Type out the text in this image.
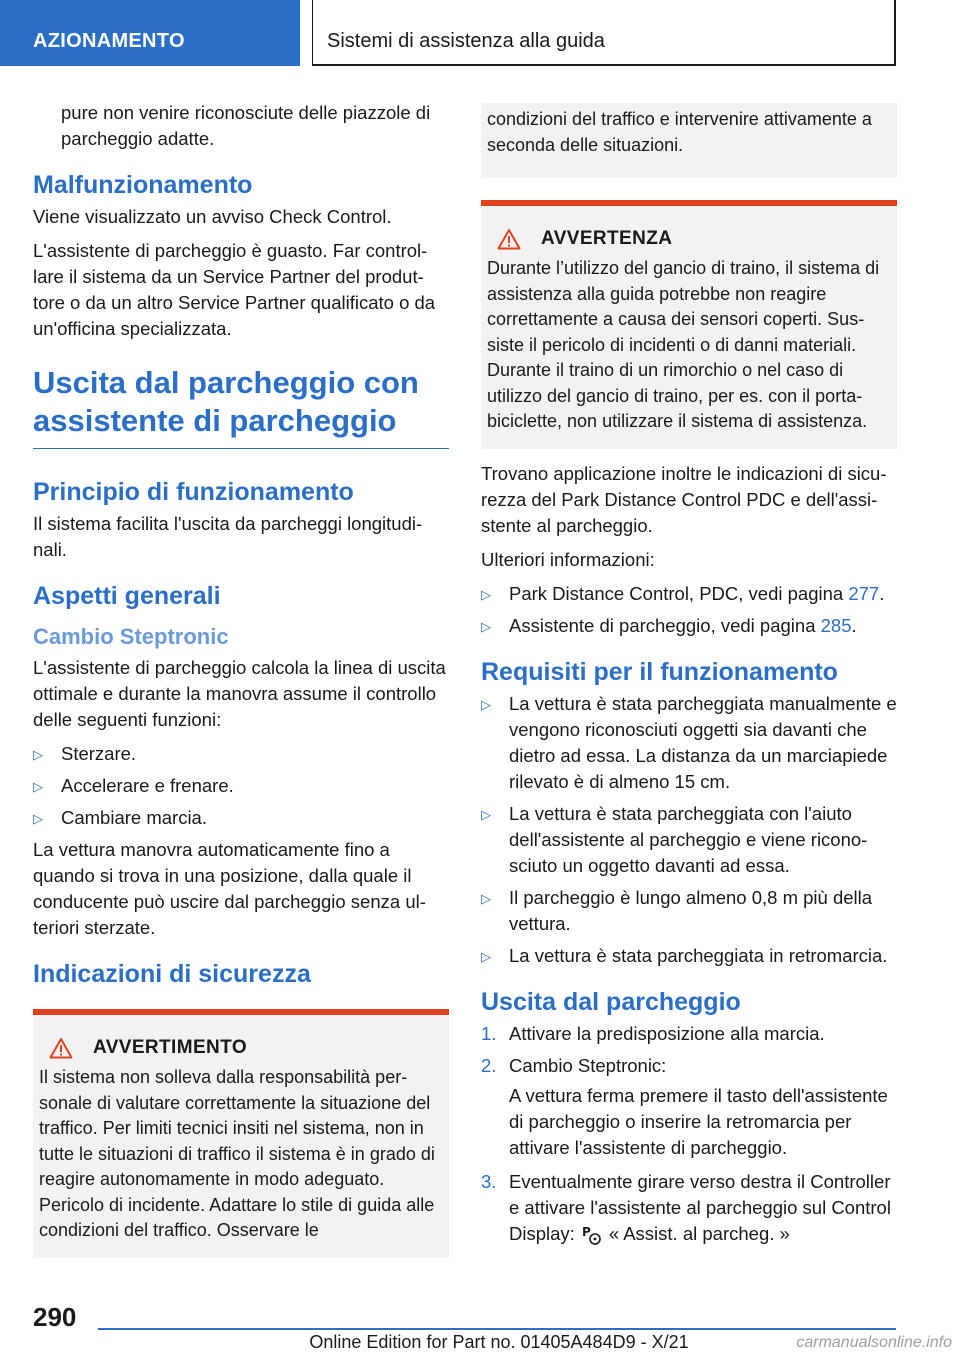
AZIONAMENTO	Sistemi di assistenza alla guida

pure non venire riconosciute delle piazzole di parcheggio adatte.

Malfunzionamento

Viene visualizzato un avviso Check Control.

L'assistente di parcheggio è guasto. Far controllare il sistema da un Service Partner del produttore o da un altro Service Partner qualificato o da un'officina specializzata.

Uscita dal parcheggio con assistente di parcheggio
Principio di funzionamento

Il sistema facilita l'uscita da parcheggi longitudinali.

Aspetti generali
Cambio Steptronic

L'assistente di parcheggio calcola la linea di uscita ottimale e durante la manovra assume il controllo delle seguenti funzioni:

▷ Sterzare.
▷ Accelerare e frenare.
▷ Cambiare marcia.

La vettura manovra automaticamente fino a quando si trova in una posizione, dalla quale il conducente può uscire dal parcheggio senza ulteriori sterzate.

Indicazioni di sicurezza
AVVERTIMENTO

Il sistema non solleva dalla responsabilità personale di valutare correttamente la situazione del traffico. Per limiti tecnici insiti nel sistema, non in tutte le situazioni di traffico il sistema è in grado di reagire autonomamente in modo adeguato. Pericolo di incidente. Adattare lo stile di guida alle condizioni del traffico. Osservare le

condizioni del traffico e intervenire attivamente a seconda delle situazioni.

AVVERTENZA

Durante l’utilizzo del gancio di traino, il sistema di assistenza alla guida potrebbe non reagire correttamente a causa dei sensori coperti. Sussiste il pericolo di incidenti o di danni materiali. Durante il traino di un rimorchio o nel caso di utilizzo del gancio di traino, per es. con il portabiciclette, non utilizzare il sistema di assistenza.

Trovano applicazione inoltre le indicazioni di sicurezza del Park Distance Control PDC e dell'assistente al parcheggio.

Ulteriori informazioni:

▷ Park Distance Control, PDC, vedi pagina 277.
▷ Assistente di parcheggio, vedi pagina 285.
Requisiti per il funzionamento
▷ La vettura è stata parcheggiata manualmente e vengono riconosciuti oggetti sia davanti che dietro ad essa. La distanza da un marciapiede rilevato è di almeno 15 cm.
▷ La vettura è stata parcheggiata con l'aiuto dell'assistente al parcheggio e viene riconosciuto un oggetto davanti ad essa.
▷ Il parcheggio è lungo almeno 0,8 m più della vettura.
▷ La vettura è stata parcheggiata in retromarcia.
Uscita dal parcheggio
1. Attivare la predisposizione alla marcia.
2. Cambio Steptronic:

A vettura ferma premere il tasto dell'assistente di parcheggio o inserire la retromarcia per attivare l'assistente di parcheggio.

3. Eventualmente girare verso destra il Controller e attivare l'assistente al parcheggio sul Control Display: P « Assist. al parcheg. »
290
Online Edition for Part no. 01405A484D9 - X/21	carmanualsonline.info
